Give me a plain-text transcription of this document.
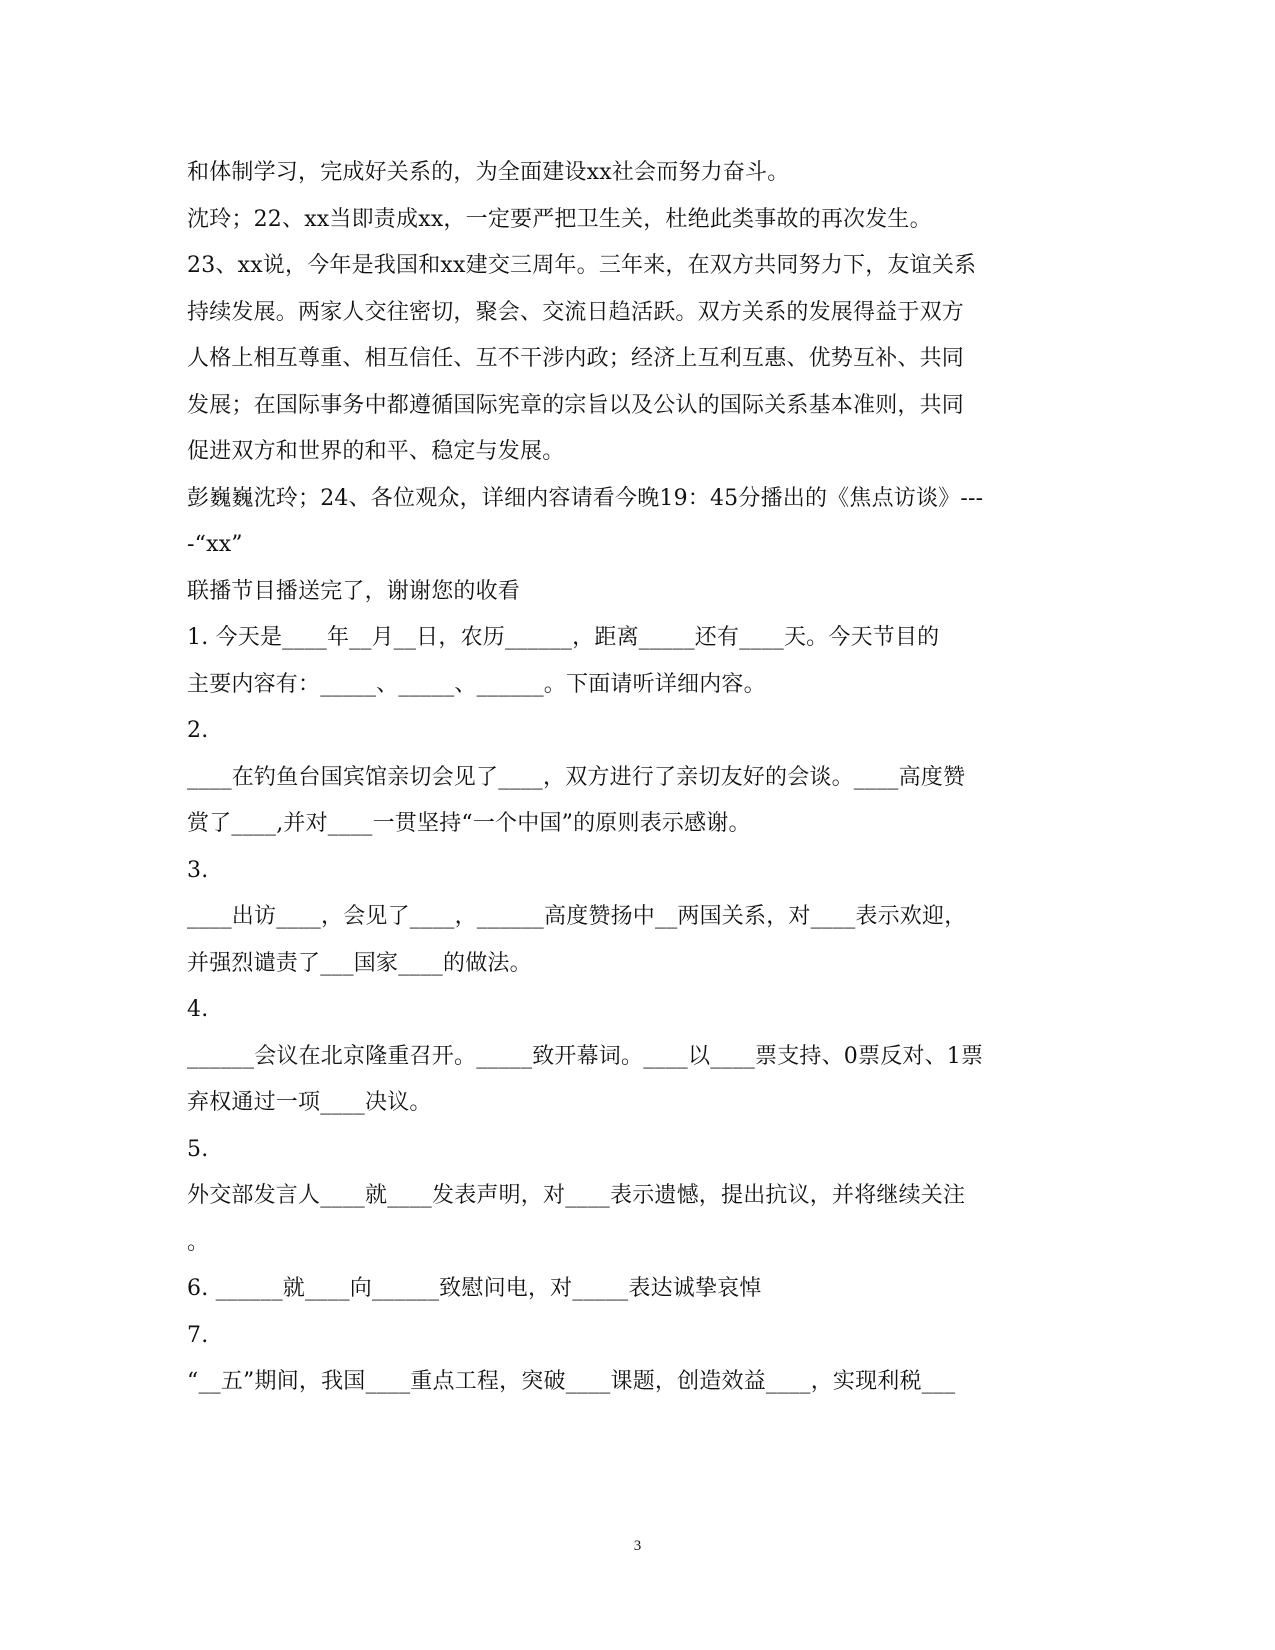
和体制学习，完成好关系的，为全面建设xx社会而努力奋斗。
沈玲；22、xx当即责成xx，一定要严把卫生关，杜绝此类事故的再次发生。
23、xx说，今年是我国和xx建交三周年。三年来，在双方共同努力下，友谊关系
持续发展。两家人交往密切，聚会、交流日趋活跃。双方关系的发展得益于双方
人格上相互尊重、相互信任、互不干涉内政；经济上互利互惠、优势互补、共同
发展；在国际事务中都遵循国际宪章的宗旨以及公认的国际关系基本准则，共同
促进双方和世界的和平、稳定与发展。
彭巍巍沈玲；24、各位观众，详细内容请看今晚19：45分播出的《焦点访谈》---
-“xx”
联播节目播送完了，谢谢您的收看
1. 今天是____年__月__日，农历______，距离_____还有____天。今天节目的
主要内容有：_____、_____、______。下面请听详细内容。
2.
____在钓鱼台国宾馆亲切会见了____，双方进行了亲切友好的会谈。____高度赞
赏了____,并对____一贯坚持“一个中国”的原则表示感谢。
3.
____出访____，会见了____，______高度赞扬中__两国关系，对____表示欢迎，
并强烈谴责了___国家____的做法。
4.
______会议在北京隆重召开。_____致开幕词。____以____票支持、0票反对、1票
弃权通过一项____决议。
5.
外交部发言人____就____发表声明，对____表示遗憾，提出抗议，并将继续关注
。
6. ______就____向______致慰问电，对_____表达诚挚哀悼
7.
“__五”期间，我国____重点工程，突破____课题，创造效益____，实现利税___
3
